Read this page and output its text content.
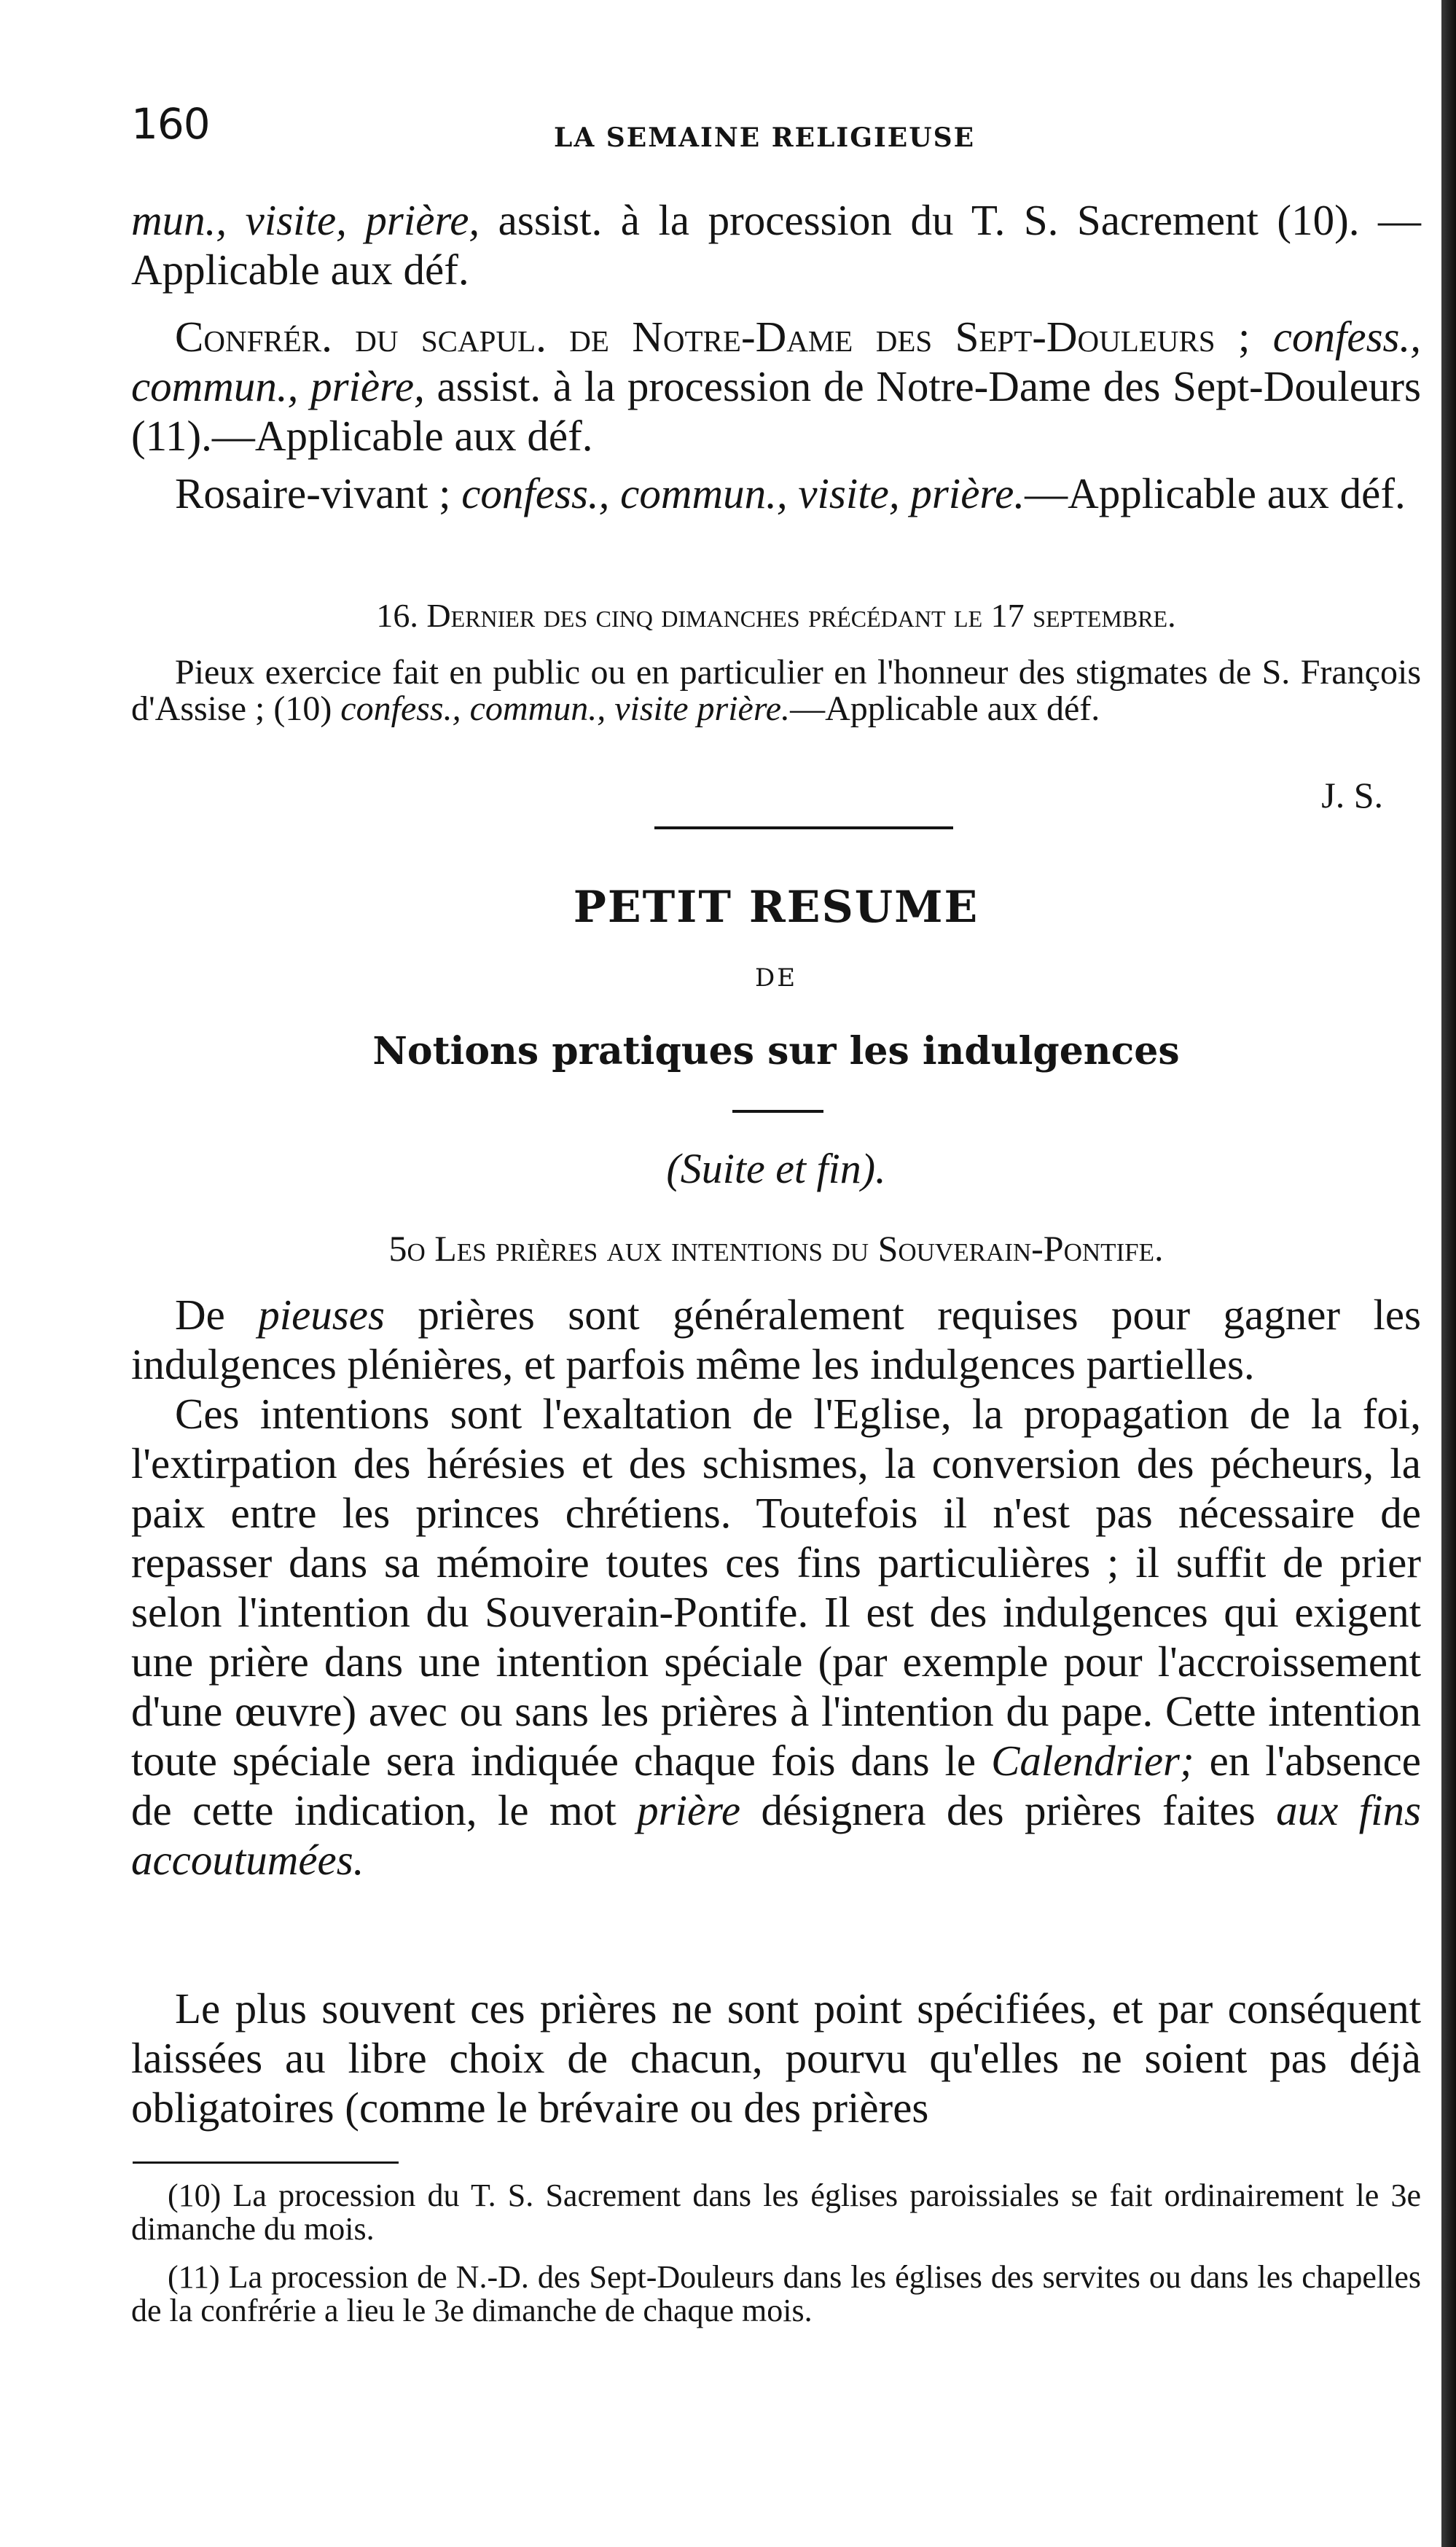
160	LA SEMAINE RELIGIEUSE

mun., visite, prière, assist. à la procession du T. S. Sacrement (10). —Applicable aux déf.

Confrér. du scapul. de Notre-Dame des Sept-Douleurs ; confess., commun., prière, assist. à la procession de Notre-Dame des Sept-Douleurs (11).—Applicable aux déf.

Rosaire-vivant ; confess., commun., visite, prière.—Applicable aux déf.

16. Dernier des cinq dimanches précédant le 17 septembre.

Pieux exercice fait en public ou en particulier en l'honneur des stigmates de S. François d'Assise ; (10) confess., commun., visite prière.—Applicable aux déf.

J. S.
PETIT RESUME
DE
Notions pratiques sur les indulgences
(Suite et fin).
5o Les prières aux intentions du Souverain-Pontife.

De pieuses prières sont généralement requises pour gagner les indulgences plénières, et parfois même les indulgences partielles.

Ces intentions sont l'exaltation de l'Eglise, la propagation de la foi, l'extirpation des hérésies et des schismes, la conversion des pécheurs, la paix entre les princes chrétiens. Toutefois il n'est pas nécessaire de repasser dans sa mémoire toutes ces fins particulières ; il suffit de prier selon l'intention du Souverain-Pontife. Il est des indulgences qui exigent une prière dans une intention spéciale (par exemple pour l'accroissement d'une œuvre) avec ou sans les prières à l'intention du pape. Cette intention toute spéciale sera indiquée chaque fois dans le Calendrier; en l'absence de cette indication, le mot prière désignera des prières faites aux fins accoutumées.

Le plus souvent ces prières ne sont point spécifiées, et par conséquent laissées au libre choix de chacun, pourvu qu'elles ne soient pas déjà obligatoires (comme le brévaire ou des prières

(10) La procession du T. S. Sacrement dans les églises paroissiales se fait ordinairement le 3e dimanche du mois.

(11) La procession de N.-D. des Sept-Douleurs dans les églises des servites ou dans les chapelles de la confrérie a lieu le 3e dimanche de chaque mois.
